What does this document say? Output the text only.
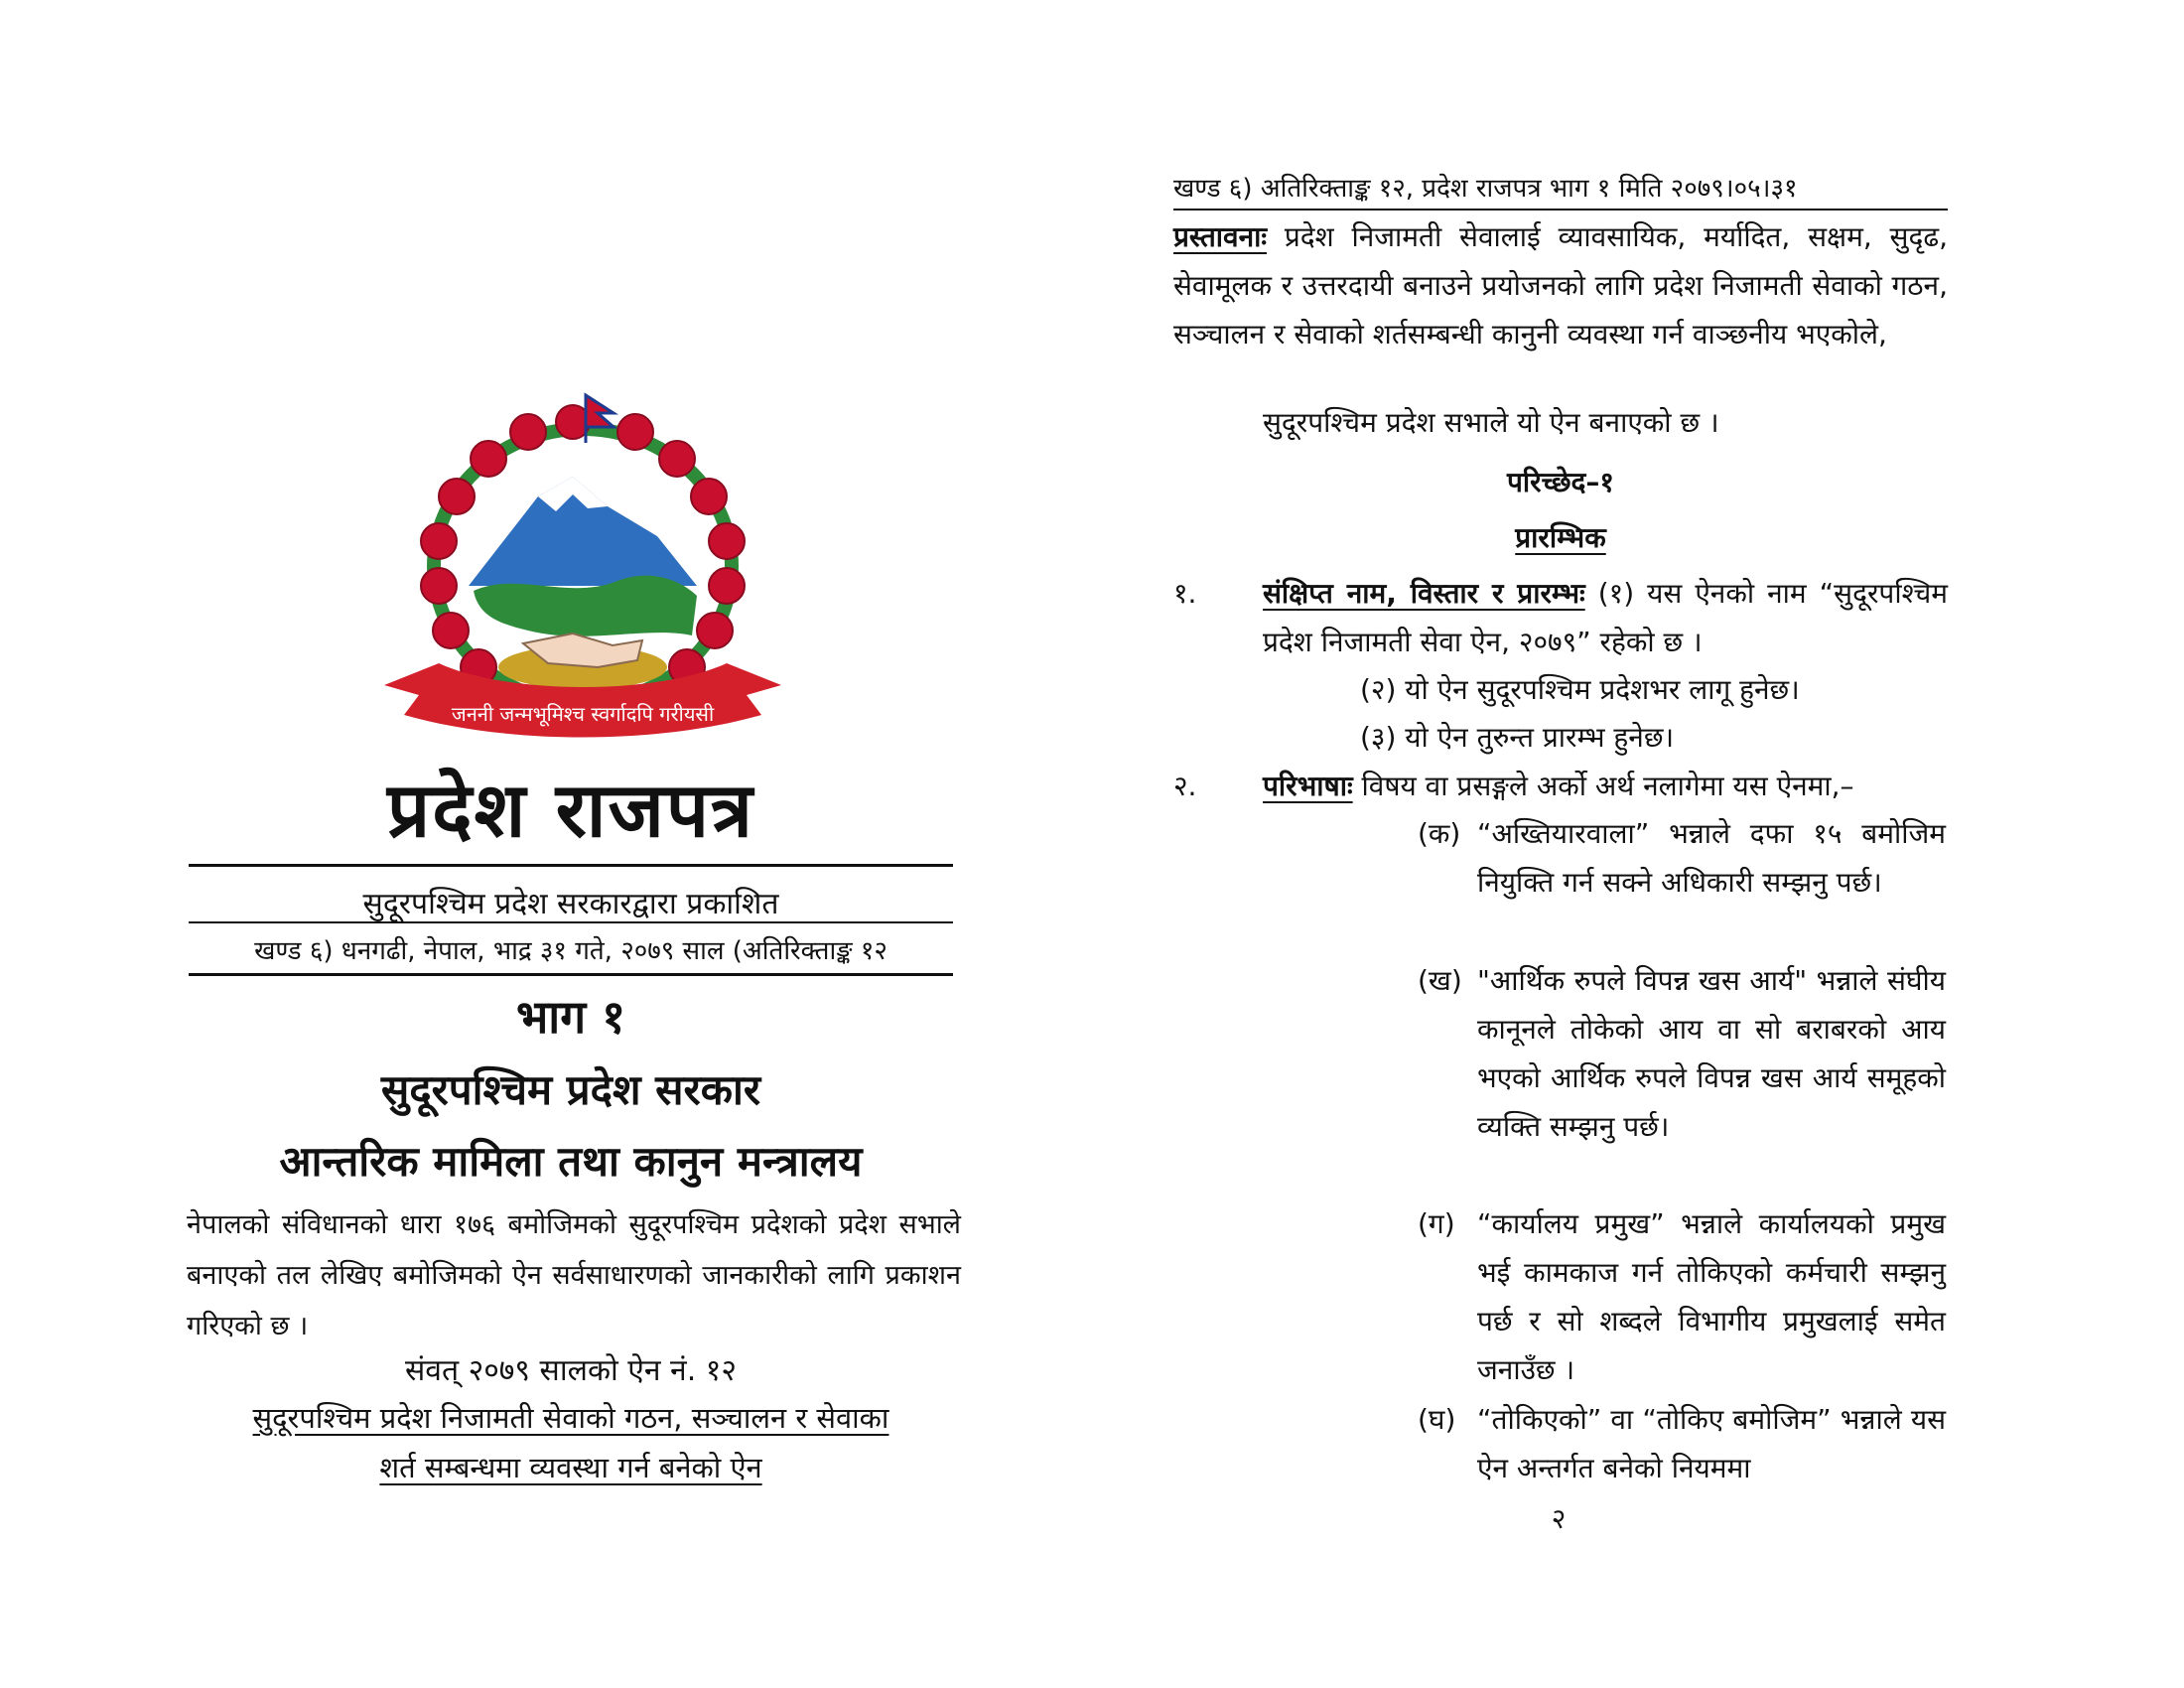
जननी जन्मभूमिश्च स्वर्गादपि गरीयसी
प्रदेश राजपत्र
सुदूरपश्चिम प्रदेश सरकारद्वारा प्रकाशित
खण्ड ६) धनगढी, नेपाल, भाद्र ३१ गते, २०७९ साल (अतिरिक्ताङ्क १२
भाग १
सुदूरपश्चिम प्रदेश सरकार
आन्तरिक मामिला तथा कानुन मन्त्रालय
नेपालको संविधानको धारा १७६ बमोजिमको सुदूरपश्चिम प्रदेशको प्रदेश सभाले बनाएको तल लेखिए बमोजिमको ऐन सर्वसाधारणको जानकारीको लागि प्रकाशन गरिएको छ ।
संवत् २०७९ सालको ऐन नं. १२
सुदूरपश्चिम प्रदेश निजामती सेवाको गठन, सञ्चालन र सेवाका
शर्त सम्बन्धमा व्यवस्था गर्न बनेको ऐन
खण्ड ६) अतिरिक्ताङ्क १२, प्रदेश राजपत्र भाग १ मिति २०७९।०५।३१
प्रस्तावनाः प्रदेश निजामती सेवालाई व्यावसायिक, मर्यादित, सक्षम, सुदृढ, सेवामूलक र उत्तरदायी बनाउने प्रयोजनको लागि प्रदेश निजामती सेवाको गठन, सञ्चालन र सेवाको शर्तसम्बन्धी कानुनी व्यवस्था गर्न वाञ्छनीय भएकोले,
सुदूरपश्चिम प्रदेश सभाले यो ऐन बनाएको छ ।
परिच्छेद–१
प्रारम्भिक
१. संक्षिप्त नाम, विस्तार र प्रारम्भः (१) यस ऐनको नाम “सुदूरपश्चिम प्रदेश निजामती सेवा ऐन, २०७९” रहेको छ ।
(२) यो ऐन सुदूरपश्चिम प्रदेशभर लागू हुनेछ।
(३) यो ऐन तुरुन्त प्रारम्भ हुनेछ।
२. परिभाषाः विषय वा प्रसङ्गले अर्को अर्थ नलागेमा यस ऐनमा,–
(क) “अख्तियारवाला” भन्नाले दफा १५ बमोजिम नियुक्ति गर्न सक्ने अधिकारी सम्झनु पर्छ।
(ख) "आर्थिक रुपले विपन्न खस आर्य" भन्नाले संघीय कानूनले तोकेको आय वा सो बराबरको आय भएको आर्थिक रुपले विपन्न खस आर्य समूहको व्यक्ति सम्झनु पर्छ।
(ग) “कार्यालय प्रमुख” भन्नाले कार्यालयको प्रमुख भई कामकाज गर्न तोकिएको कर्मचारी सम्झनु पर्छ र सो शब्दले विभागीय प्रमुखलाई समेत जनाउँछ ।
(घ) “तोकिएको” वा “तोकिए बमोजिम” भन्नाले यस ऐन अन्तर्गत बनेको नियममा
२
